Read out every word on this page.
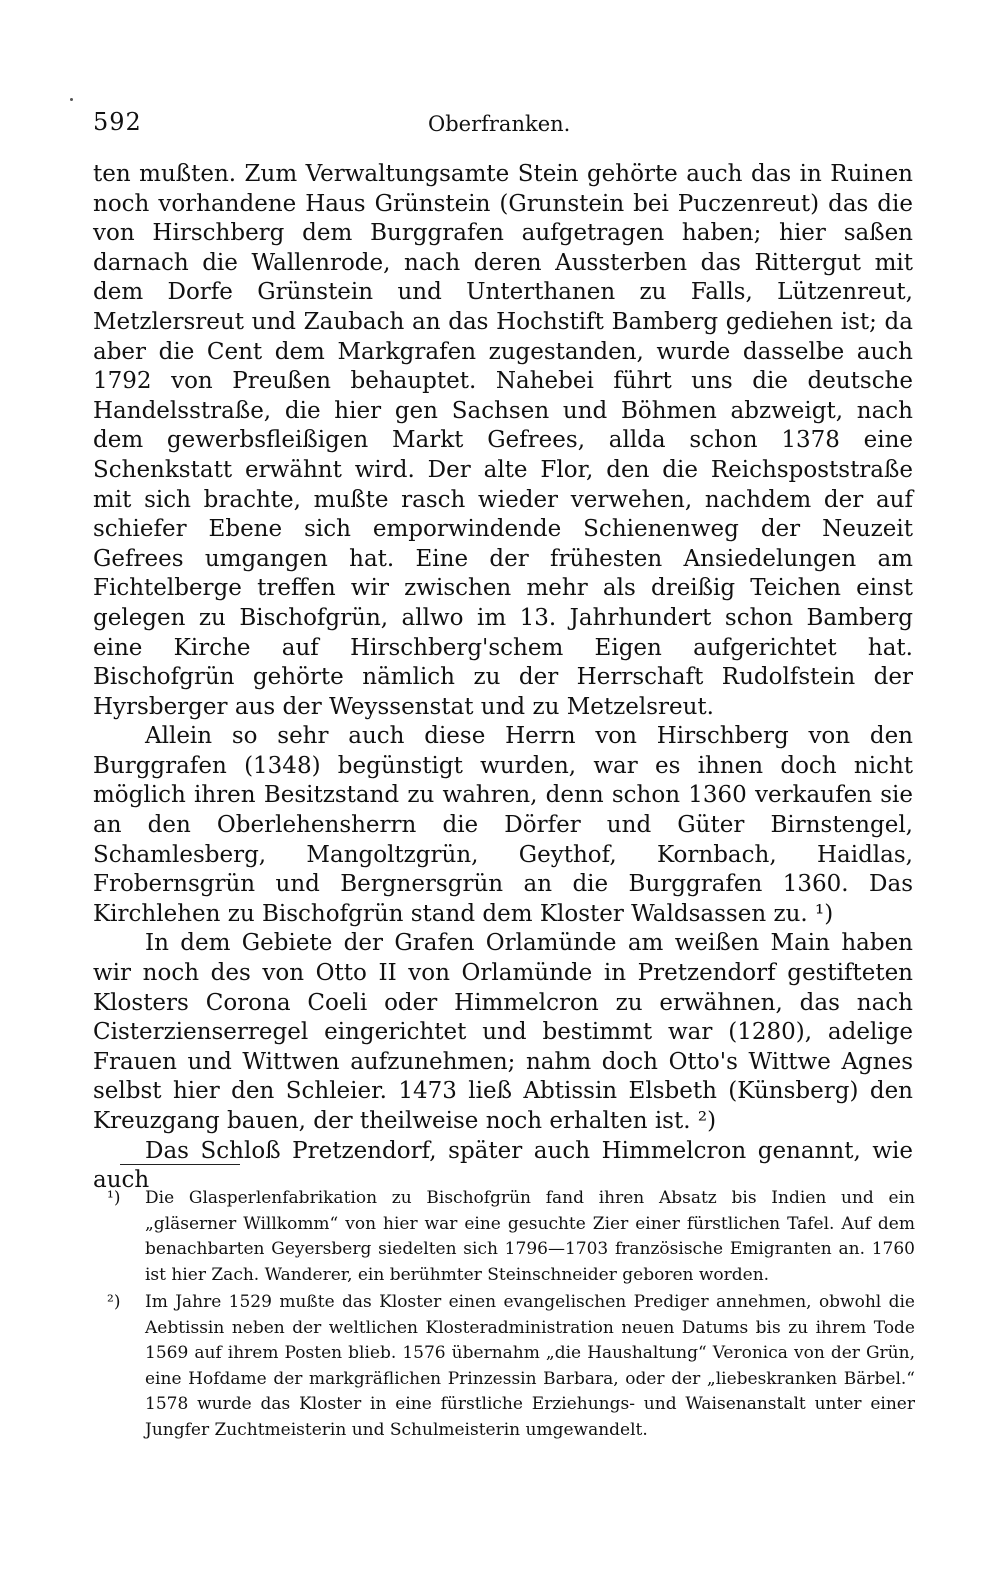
592	Oberfranken.

ten mußten. Zum Verwaltungsamte Stein gehörte auch das in Ruinen noch vorhandene Haus Grünstein (Grunstein bei Puczenreut) das die von Hirschberg dem Burggrafen aufgetragen haben; hier saßen darnach die Wallenrode, nach deren Aussterben das Rittergut mit dem Dorfe Grünstein und Unterthanen zu Falls, Lützenreut, Metzlersreut und Zaubach an das Hochstift Bamberg gediehen ist; da aber die Cent dem Markgrafen zugestanden, wurde dasselbe auch 1792 von Preußen behauptet. Nahebei führt uns die deutsche Handelsstraße, die hier gen Sachsen und Böhmen abzweigt, nach dem gewerbsfleißigen Markt Gefrees, allda schon 1378 eine Schenkstatt erwähnt wird. Der alte Flor, den die Reichspoststraße mit sich brachte, mußte rasch wieder verwehen, nachdem der auf schiefer Ebene sich emporwindende Schienenweg der Neuzeit Gefrees umgangen hat. Eine der frühesten Ansiedelungen am Fichtelberge treffen wir zwischen mehr als dreißig Teichen einst gelegen zu Bischofgrün, allwo im 13. Jahrhundert schon Bamberg eine Kirche auf Hirschberg'schem Eigen aufgerichtet hat. Bischofgrün gehörte nämlich zu der Herrschaft Rudolfstein der Hyrsberger aus der Weyssenstat und zu Metzelsreut.

Allein so sehr auch diese Herrn von Hirschberg von den Burggrafen (1348) begünstigt wurden, war es ihnen doch nicht möglich ihren Besitzstand zu wahren, denn schon 1360 verkaufen sie an den Oberlehensherrn die Dörfer und Güter Birnstengel, Schamlesberg, Mangoltzgrün, Geythof, Kornbach, Haidlas, Frobernsgrün und Bergnersgrün an die Burggrafen 1360. Das Kirchlehen zu Bischofgrün stand dem Kloster Waldsassen zu. ¹)

In dem Gebiete der Grafen Orlamünde am weißen Main haben wir noch des von Otto II von Orlamünde in Pretzendorf gestifteten Klosters Corona Coeli oder Himmelcron zu erwähnen, das nach Cisterzienserregel eingerichtet und bestimmt war (1280), adelige Frauen und Wittwen aufzunehmen; nahm doch Otto's Wittwe Agnes selbst hier den Schleier. 1473 ließ Abtissin Elsbeth (Künsberg) den Kreuzgang bauen, der theilweise noch erhalten ist. ²)

Das Schloß Pretzendorf, später auch Himmelcron genannt, wie auch

¹) Die Glasperlenfabrikation zu Bischofgrün fand ihren Absatz bis Indien und ein „gläserner Willkomm“ von hier war eine gesuchte Zier einer fürstlichen Tafel. Auf dem benachbarten Geyersberg siedelten sich 1796—1703 französische Emigranten an. 1760 ist hier Zach. Wanderer, ein berühmter Steinschneider geboren worden.
²) Im Jahre 1529 mußte das Kloster einen evangelischen Prediger annehmen, obwohl die Aebtissin neben der weltlichen Klosteradministration neuen Datums bis zu ihrem Tode 1569 auf ihrem Posten blieb. 1576 übernahm „die Haushaltung“ Veronica von der Grün, eine Hofdame der markgräflichen Prinzessin Barbara, oder der „liebeskranken Bärbel.“ 1578 wurde das Kloster in eine fürstliche Erziehungs- und Waisenanstalt unter einer Jungfer Zuchtmeisterin und Schulmeisterin umgewandelt.
